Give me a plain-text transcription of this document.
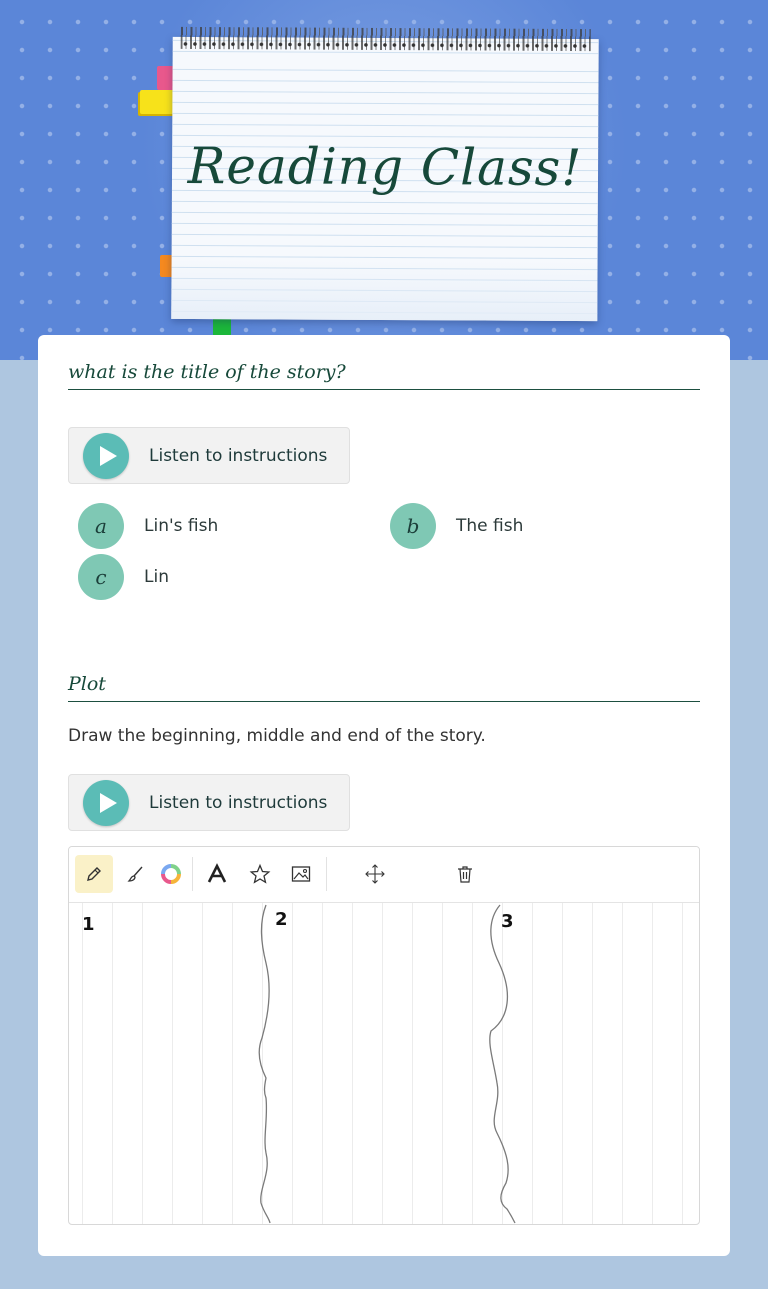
Reading Class!
what is the title of the story?
Listen to instructions
a	Lin's fish	b	The fish
c	Lin
Plot
Draw the beginning, middle and end of the story.
Listen to instructions
1	2	3
